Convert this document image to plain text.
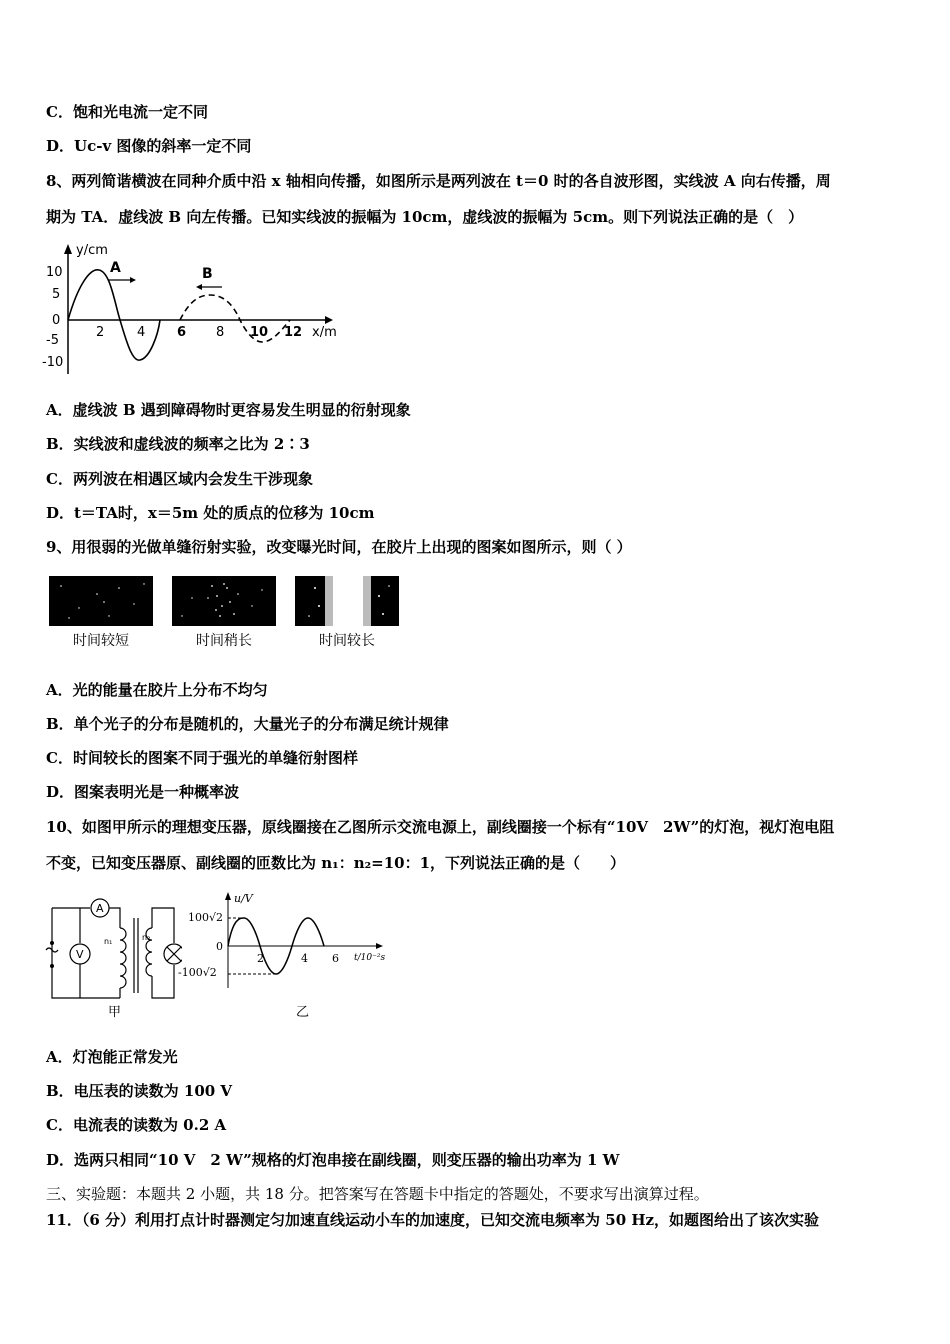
C．饱和光电流一定不同
D．Uc-v 图像的斜率一定不同
8、两列简谐横波在同种介质中沿 x 轴相向传播，如图所示是两列波在 t＝0 时的各自波形图，实线波 A 向右传播，周
期为 TA．虚线波 B 向左传播。已知实线波的振幅为 10cm，虚线波的振幅为 5cm。则下列说法正确的是（　）
y/cm
x/m
10
5
0
-5
-10
2	4 6 8 10 12
A	B
A．虚线波 B 遇到障碍物时更容易发生明显的衍射现象
B．实线波和虚线波的频率之比为 2∶3
C．两列波在相遇区域内会发生干涉现象
D．t＝TA时，x＝5m 处的质点的位移为 10cm
9、用很弱的光做单缝衍射实验，改变曝光时间，在胶片上出现的图案如图所示，则（ ）
时间较短	时间稍长	时间较长
A．光的能量在胶片上分布不均匀
B．单个光子的分布是随机的，大量光子的分布满足统计规律
C．时间较长的图案不同于强光的单缝衍射图样
D．图案表明光是一种概率波
10、如图甲所示的理想变压器，原线圈接在乙图所示交流电源上，副线圈接一个标有“10V　2W”的灯泡，视灯泡电阻
不变，已知变压器原、副线圈的匝数比为 n₁：n₂=10：1，下列说法正确的是（　　）
A
V
n₁	n₂
甲
u/V
100√2
0
-100√2
2	4 6 t/10⁻²s
乙
A．灯泡能正常发光
B．电压表的读数为 100 V
C．电流表的读数为 0.2 A
D．选两只相同“10 V　2 W”规格的灯泡串接在副线圈，则变压器的输出功率为 1 W
三、实验题：本题共 2 小题，共 18 分。把答案写在答题卡中指定的答题处，不要求写出演算过程。
11．（6 分）利用打点计时器测定匀加速直线运动小车的加速度，已知交流电频率为 50 Hz，如题图给出了该次实验
